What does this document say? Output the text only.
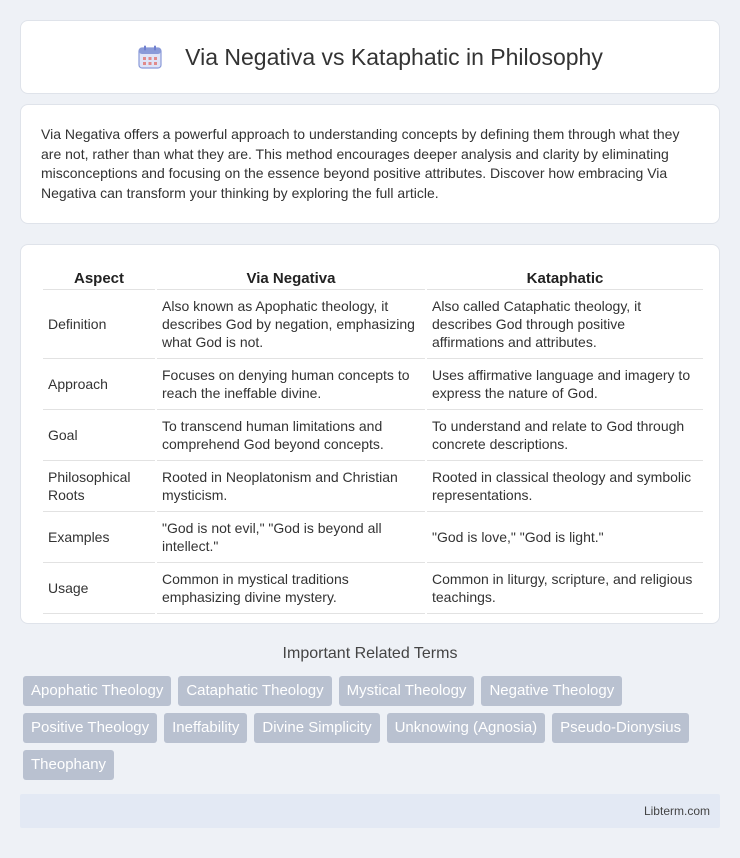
Via Negativa vs Kataphatic in Philosophy

Via Negativa offers a powerful approach to understanding concepts by defining them through what they are not, rather than what they are. This method encourages deeper analysis and clarity by eliminating misconceptions and focusing on the essence beyond positive attributes. Discover how embracing Via Negativa can transform your thinking by exploring the full article.

Aspect	Via Negativa	Kataphatic
Definition	Also known as Apophatic theology, it describes God by negation, emphasizing what God is not.	Also called Cataphatic theology, it describes God through positive affirmations and attributes.
Approach	Focuses on denying human concepts to reach the ineffable divine.	Uses affirmative language and imagery to express the nature of God.
Goal	To transcend human limitations and comprehend God beyond concepts.	To understand and relate to God through concrete descriptions.
Philosophical Roots	Rooted in Neoplatonism and Christian mysticism.	Rooted in classical theology and symbolic representations.
Examples	"God is not evil," "God is beyond all intellect."	"God is love," "God is light."
Usage	Common in mystical traditions emphasizing divine mystery.	Common in liturgy, scripture, and religious teachings.
Important Related Terms
Apophatic Theology	Cataphatic Theology	Mystical Theology	Negative Theology
Positive Theology	Ineffability	Divine Simplicity	Unknowing (Agnosia)	Pseudo-Dionysius
Theophany
Libterm.com
